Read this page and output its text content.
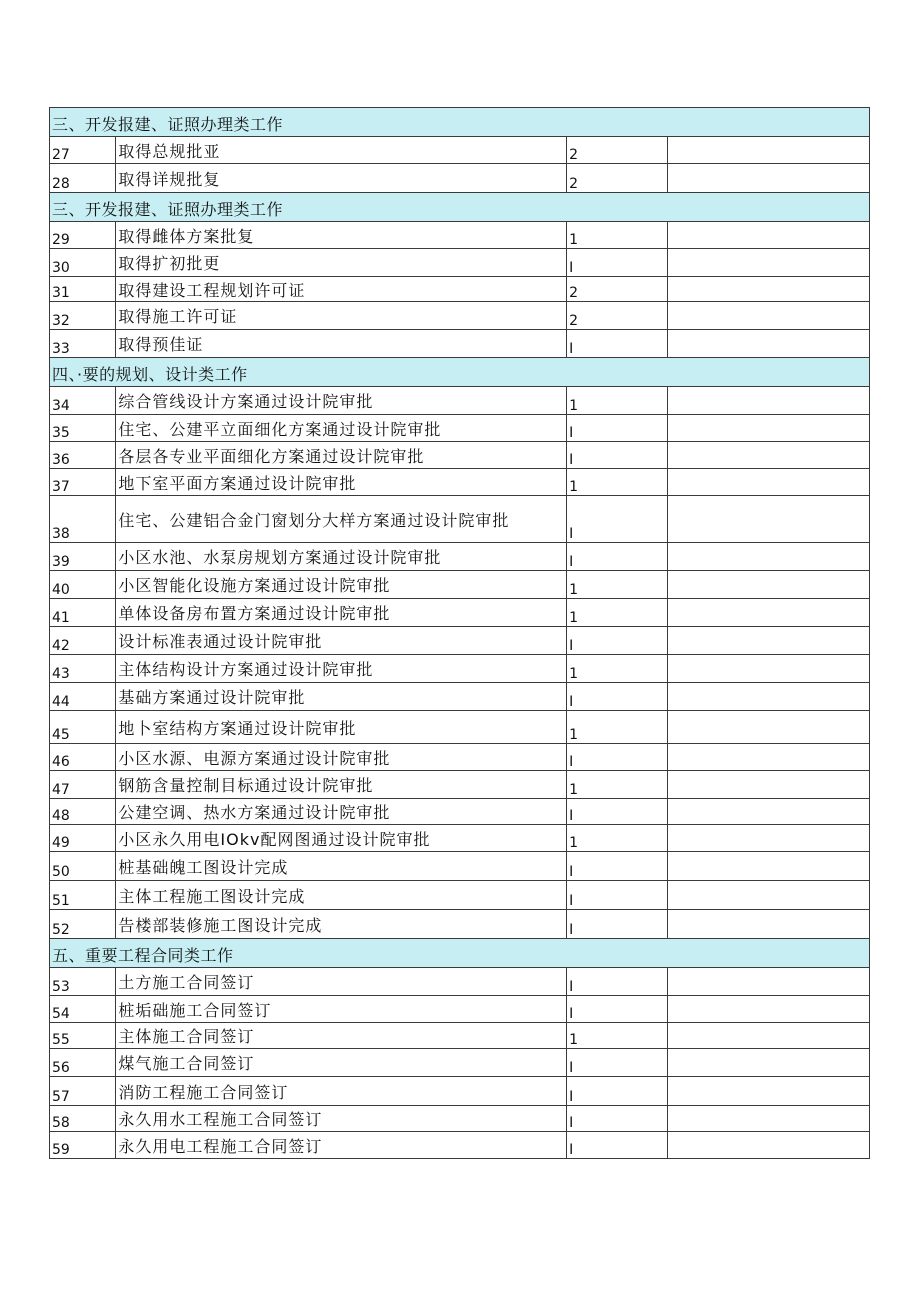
三、开发报建、证照办理类工作			
27	取得总规批亚	2	
28	取得详规批复	2	
三、开发报建、证照办理类工作			
29	取得雌体方案批复	1	
30	取得扩初批更	I	
31	取得建设工程规划许可证	2	
32	取得施工许可证	2	
33	取得预佳证	I	
四、·要的规划、设计类工作			
34	综合管线设计方案通过设计院审批	1	
35	住宅、公建平立面细化方案通过设计院审批	I	
36	各层各专业平面细化方案通过设计院审批	I	
37	地下室平面方案通过设计院审批	1	
38	住宅、公建铝合金门窗划分大样方案通过设计院审批	I	
39	小区水池、水泵房规划方案通过设计院审批	I	
40	小区智能化设施方案通过设计院审批	1	
41	单体设备房布置方案通过设计院审批	1	
42	设计标准表通过设计院审批	I	
43	主体结构设计方案通过设计院审批	1	
44	基础方案通过设计院审批	I	
45	地卜室结构方案通过设计院审批	1	
46	小区水源、电源方案通过设计院审批	I	
47	钢筋含量控制目标通过设计院审批	1	
48	公建空调、热水方案通过设计院审批	I	
49	小区永久用电IOkv配网图通过设计院审批	1	
50	桩基础魄工图设计完成	I	
51	主体工程施工图设计完成	I	
52	告楼部装修施工图设计完成	I	
五、重要工程合同类工作			
53	土方施工合同签订	I	
54	桩垢础施工合同签订	I	
55	主体施工合同签订	1	
56	煤气施工合同签订	I	
57	消防工程施工合同签订	I	
58	永久用水工程施工合同签订	I	
59	永久用电工程施工合同签订	I	
